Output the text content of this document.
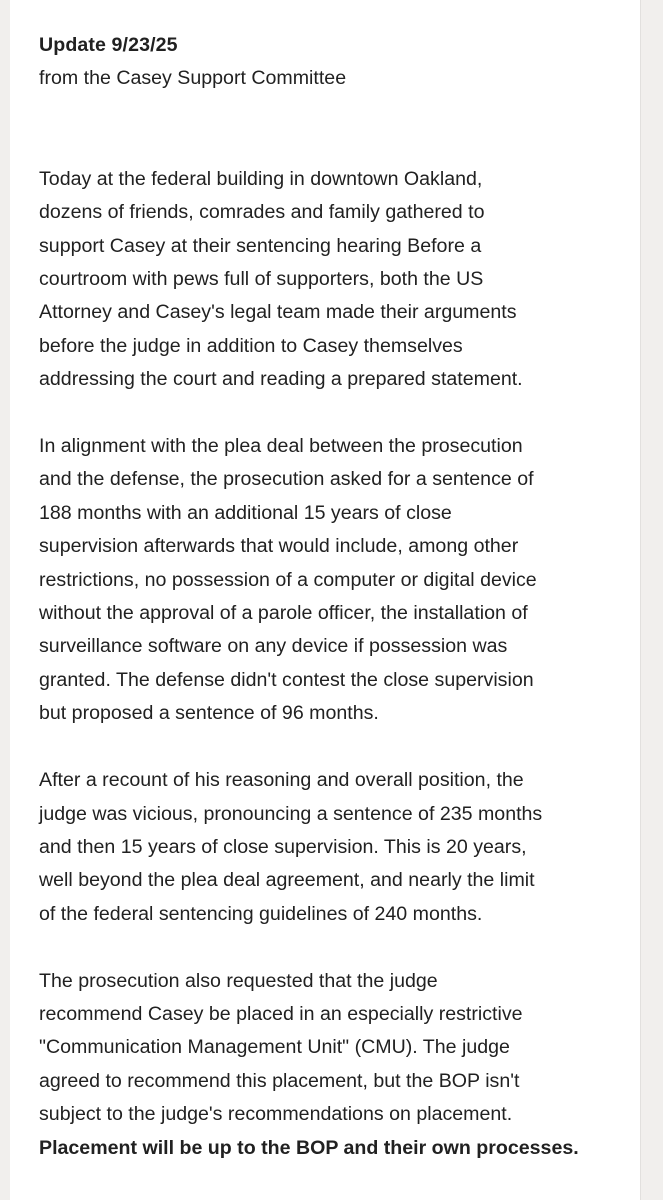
Update 9/23/25
from the Casey Support Committee

Today at the federal building in downtown Oakland,
dozens of friends, comrades and family gathered to
support Casey at their sentencing hearing Before a
courtroom with pews full of supporters, both the US
Attorney and Casey's legal team made their arguments
before the judge in addition to Casey themselves
addressing the court and reading a prepared statement.

In alignment with the plea deal between the prosecution
and the defense, the prosecution asked for a sentence of
188 months with an additional 15 years of close
supervision afterwards that would include, among other
restrictions, no possession of a computer or digital device
without the approval of a parole officer, the installation of
surveillance software on any device if possession was
granted. The defense didn't contest the close supervision
but proposed a sentence of 96 months.

After a recount of his reasoning and overall position, the
judge was vicious, pronouncing a sentence of 235 months
and then 15 years of close supervision. This is 20 years,
well beyond the plea deal agreement, and nearly the limit
of the federal sentencing guidelines of 240 months.

The prosecution also requested that the judge
recommend Casey be placed in an especially restrictive
"Communication Management Unit" (CMU). The judge
agreed to recommend this placement, but the BOP isn't
subject to the judge's recommendations on placement.
Placement will be up to the BOP and their own processes.
